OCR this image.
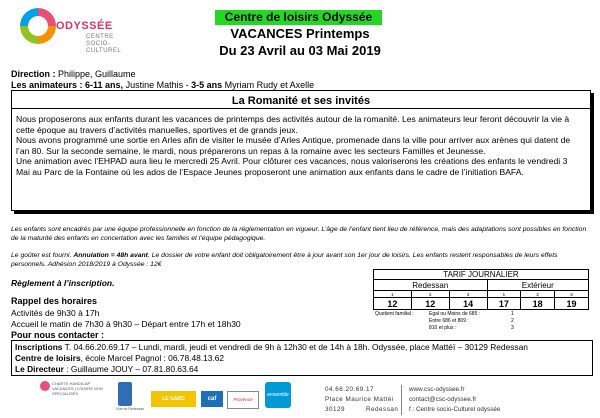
ODYSSÉE
CENTRE
SOCIO-
CULTUREL
Centre de loisirs Odyssée
VACANCES Printemps
Du 23 Avril au 03 Mai 2019
Direction : Philippe, Guillaume
Les animateurs : 6-11 ans, Justine Mathis - 3-5 ans Myriam Rudy et Axelle
La Romanité et ses invités
Nous proposerons aux enfants durant les vacances de printemps des activités autour de la romanité. Les animateurs leur feront découvrir la vie à cette époque au travers d’activités manuelles, sportives et de grands jeux.
Nous avons programmé une sortie en Arles afin de visiter le musée d’Arles Antique, promenade dans la ville pour arriver aux arènes qui datent de l’an 80. Sur la seconde semaine, le mardi, nous préparerons un repas à la romaine avec les secteurs Familles et Jeunesse.
Une animation avec l’EHPAD aura lieu le mercredi 25 Avril. Pour clôturer ces vacances, nous valoriserons les créations des enfants le vendredi 3 Mai au Parc de la Fontaine où les ados de l’Espace Jeunes proposeront une animation aux enfants dans le cadre de l’initiation BAFA.
Les enfants sont encadrés par une équipe professionnelle en fonction de la réglementation en vigueur. L’âge de l’enfant tient lieu de référence, mais des adaptations sont possibles en fonction de la maturité des enfants en concertation avec les familles et l’équipe pédagogique.
Le goûter est fourni. Annulation = 48h avant. Le dossier de votre enfant doit obligatoirement être à jour avant son 1er jour de loisirs. Les enfants restent responsables de leurs effets personnels. Adhésion 2018/2019 à Odyssée : 12€
Règlement à l’inscription.
Rappel des horaires
Activités de 9h30 à 17h
Accueil le matin de 7h30 à 9h30 – Départ entre 17h et 18h30
Pour nous contacter :
TARIF JOURNALIER					
Redessan			Extérieur		
1	2	3	1	2	3
12	12	14	17	18	19
Quotient familial :	Egal ou Moins de 685 :	1
Entre 686 et 809 :	2
810 et plus :	3
Inscriptions T. 04.66.20.69.17 – Lundi, mardi, jeudi et vendredi de 9h à 12h30 et de 14h à 18h. Odyssée, place Mattéï – 30129 Redessan
Centre de loisirs, école Marcel Pagnol : 06.78.48.13.62
Le Directeur : Guillaume JOUY – 07.81.80.63.64
CHARTE HANDICAP VACANCES | LOISIRS NON SPÉCIALISÉS
Ville de Redessan
LE GARD	caf	Provence
ensemble
04.66.20.69.17
Place Maurice Mattéi
30129	Redessan
www.csc-odyssee.fr
contact@csc-odyssee.fr
f : Centre socio-Culturel odyssée
